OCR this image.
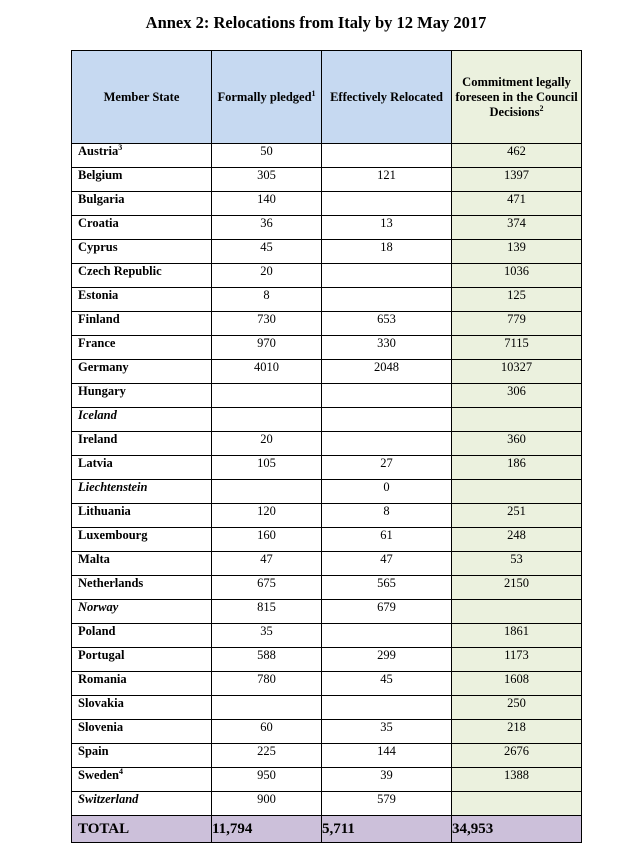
Annex 2: Relocations from Italy by 12 May 2017
Member State	Formally pledged$^1$	Effectively Relocated	Commitment legally foreseen in the Council Decisions$^2$
Austria$^3$	50		462
Belgium	305	121	1397
Bulgaria	140		471
Croatia	36	13	374
Cyprus	45	18	139
Czech Republic	20		1036
Estonia	8		125
Finland	730	653	779
France	970	330	7115
Germany	4010	2048	10327
Hungary			306
Iceland			
Ireland	20		360
Latvia	105	27	186
Liechtenstein		0	
Lithuania	120	8	251
Luxembourg	160	61	248
Malta	47	47	53
Netherlands	675	565	2150
Norway	815	679	
Poland	35		1861
Portugal	588	299	1173
Romania	780	45	1608
Slovakia			250
Slovenia	60	35	218
Spain	225	144	2676
Sweden$^4$	950	39	1388
Switzerland	900	579	
TOTAL	11,794	5,711	34,953
